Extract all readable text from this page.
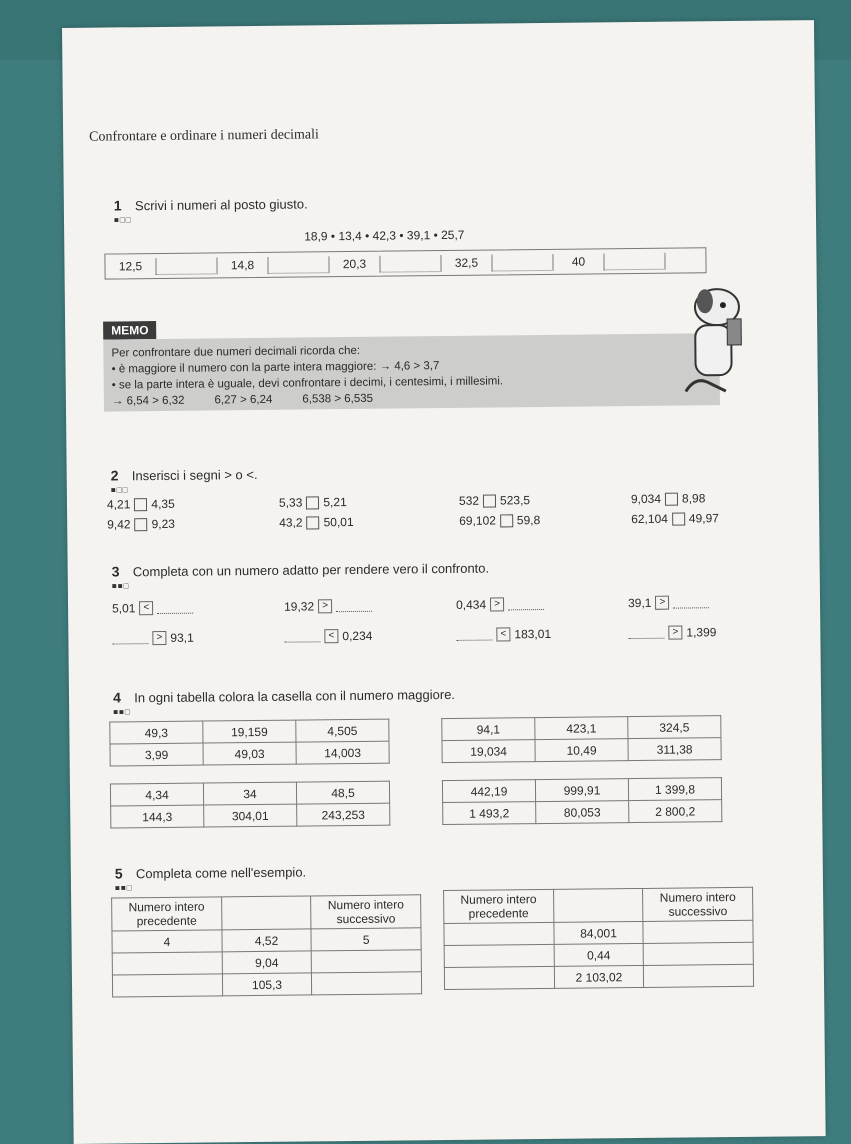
Confrontare e ordinare i numeri decimali
1 Scrivi i numeri al posto giusto.
■□□
18,9 • 13,4 • 42,3 • 39,1 • 25,7
12,5	14,8	20,3	32,5	40
MEMO
Per confrontare due numeri decimali ricorda che:
• è maggiore il numero con la parte intera maggiore: → 4,6 > 3,7
• se la parte intera è uguale, devi confrontare i decimi, i centesimi, i millesimi.
→ 6,54 > 6,32	6,27 > 6,24	6,538 > 6,535
2 Inserisci i segni > o <.
■□□
4,21 4,35	5,33 5,21	532 523,5	9,034 8,98
9,42 9,23	43,2 50,01	69,102 59,8	62,104 49,97
3 Completa con un numero adatto per rendere vero il confronto.
■■□
5,01 <	19,32 >	0,434 >	39,1 >
> 93,1	< 0,234	< 183,01	> 1,399
4 In ogni tabella colora la casella con il numero maggiore.
■■□
49,3	19,159	4,505
3,99	49,03	14,003
94,1	423,1	324,5
19,034	10,49	311,38
4,34	34	48,5
144,3	304,01	243,253
442,19	999,91	1 399,8
1 493,2	80,053	2 800,2
5 Completa come nell'esempio.
■■□
Numero intero precedente		Numero intero successivo
4	4,52	5
	9,04	
	105,3	
Numero intero precedente		Numero intero successivo
	84,001	
	0,44	
	2 103,02	
